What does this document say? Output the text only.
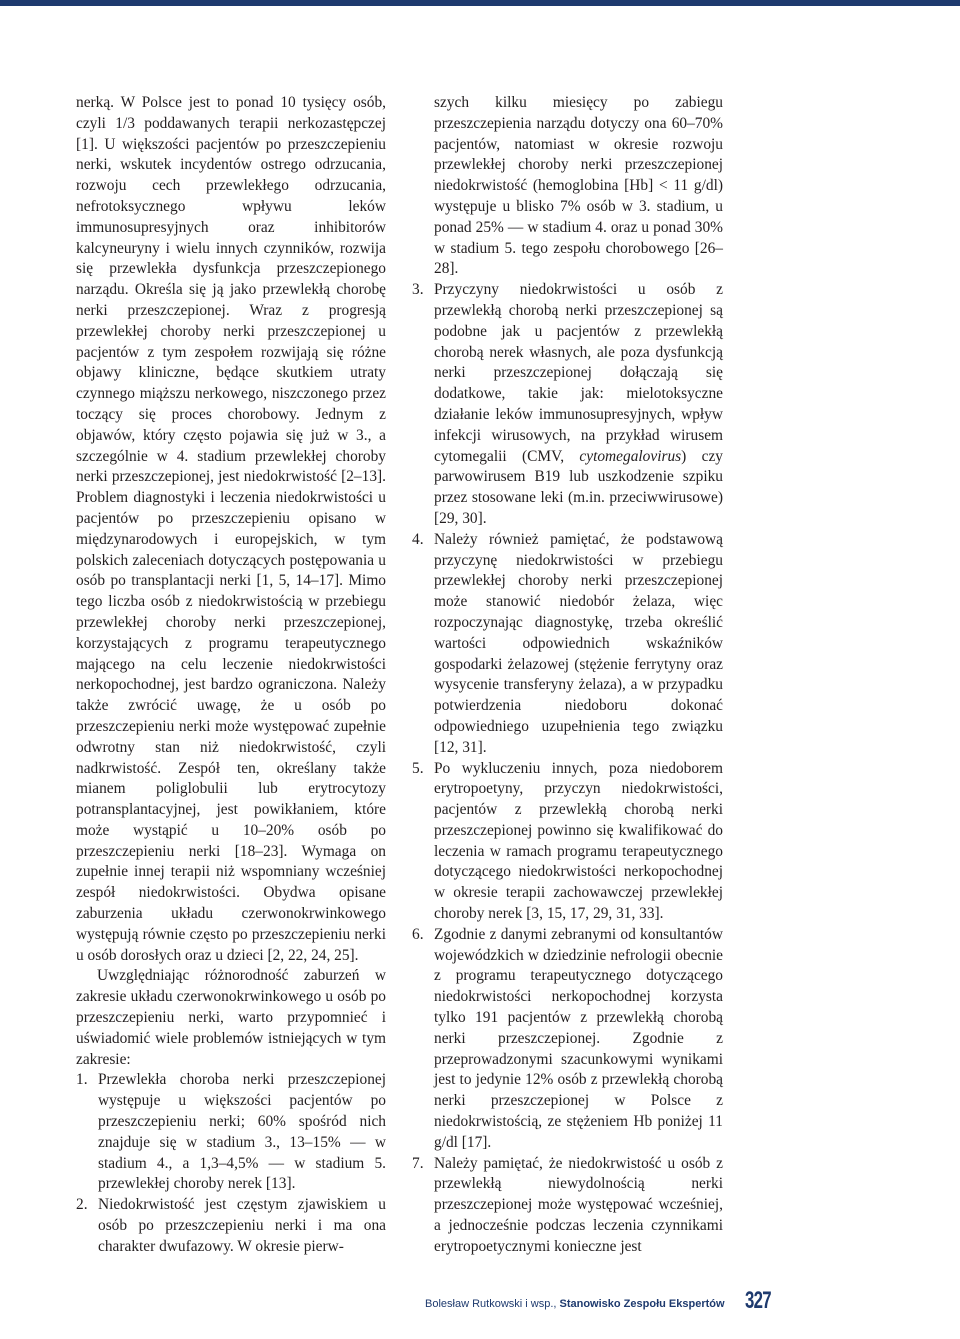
nerką. W Polsce jest to ponad 10 tysięcy osób, czyli 1/3 poddawanych terapii nerkozastępczej [1]. U większości pacjentów po przeszczepieniu nerki, wskutek incydentów ostrego odrzucania, rozwoju cech przewlekłego odrzucania, nefrotoksycznego wpływu leków immunosupresyjnych oraz inhibitorów kalcyneuryny i wielu innych czynników, rozwija się przewlekła dysfunkcja przeszczepionego narządu. Określa się ją jako przewlekłą chorobę nerki przeszczepionej. Wraz z progresją przewlekłej choroby nerki przeszczepionej u pacjentów z tym zespołem rozwijają się różne objawy kliniczne, będące skutkiem utraty czynnego miąższu nerkowego, niszczonego przez toczący się proces chorobowy. Jednym z objawów, który często pojawia się już w 3., a szczególnie w 4. stadium przewlekłej choroby nerki przeszczepionej, jest niedokrwistość [2–13]. Problem diagnostyki i leczenia niedokrwistości u pacjentów po przeszczepieniu opisano w międzynarodowych i europejskich, w tym polskich zaleceniach dotyczących postępowania u osób po transplantacji nerki [1, 5, 14–17]. Mimo tego liczba osób z niedokrwistością w przebiegu przewlekłej choroby nerki przeszczepionej, korzystających z programu terapeutycznego mającego na celu leczenie niedokrwistości nerkopochodnej, jest bardzo ograniczona. Należy także zwrócić uwagę, że u osób po przeszczepieniu nerki może występować zupełnie odwrotny stan niż niedokrwistość, czyli nadkrwistość. Zespół ten, określany także mianem poliglobulii lub erytrocytozy potransplantacyjnej, jest powikłaniem, które może wystąpić u 10–20% osób po przeszczepieniu nerki [18–23]. Wymaga on zupełnie innej terapii niż wspomniany wcześniej zespół niedokrwistości. Obydwa opisane zaburzenia układu czerwonokrwinkowego występują równie często po przeszczepieniu nerki u osób dorosłych oraz u dzieci [2, 22, 24, 25].

Uwzględniając różnorodność zaburzeń w zakresie układu czerwonokrwinkowego u osób po przeszczepieniu nerki, warto przypomnieć i uświadomić wiele problemów istniejących w tym zakresie:

1. Przewlekła choroba nerki przeszczepionej występuje u większości pacjentów po przeszczepieniu nerki; 60% spośród nich znajduje się w stadium 3., 13–15% — w stadium 4., a 1,3–4,5% — w stadium 5. przewlekłej choroby nerek [13].
2. Niedokrwistość jest częstym zjawiskiem u osób po przeszczepieniu nerki i ma ona charakter dwufazowy. W okresie pierw-

szych kilku miesięcy po zabiegu przeszczepienia narządu dotyczy ona 60–70% pacjentów, natomiast w okresie rozwoju przewlekłej choroby nerki przeszczepionej niedokrwistość (hemoglobina [Hb] < 11 g/dl) występuje u blisko 7% osób w 3. stadium, u ponad 25% — w stadium 4. oraz u ponad 30% w stadium 5. tego zespołu chorobowego [26–28].

3. Przyczyny niedokrwistości u osób z przewlekłą chorobą nerki przeszczepionej są podobne jak u pacjentów z przewlekłą chorobą nerek własnych, ale poza dysfunkcją nerki przeszczepionej dołączają się dodatkowe, takie jak: mielotoksyczne działanie leków immunosupresyjnych, wpływ infekcji wirusowych, na przykład wirusem cytomegalii (CMV, cytomegalovirus) czy parwowirusem B19 lub uszkodzenie szpiku przez stosowane leki (m.in. przeciwwirusowe) [29, 30].
4. Należy również pamiętać, że podstawową przyczynę niedokrwistości w przebiegu przewlekłej choroby nerki przeszczepionej może stanowić niedobór żelaza, więc rozpoczynając diagnostykę, trzeba określić wartości odpowiednich wskaźników gospodarki żelazowej (stężenie ferrytyny oraz wysycenie transferyny żelaza), a w przypadku potwierdzenia niedoboru dokonać odpowiedniego uzupełnienia tego związku [12, 31].
5. Po wykluczeniu innych, poza niedoborem erytropoetyny, przyczyn niedokrwistości, pacjentów z przewlekłą chorobą nerki przeszczepionej powinno się kwalifikować do leczenia w ramach programu terapeutycznego dotyczącego niedokrwistości nerkopochodnej w okresie terapii zachowawczej przewlekłej choroby nerek [3, 15, 17, 29, 31, 33].
6. Zgodnie z danymi zebranymi od konsultantów wojewódzkich w dziedzinie nefrologii obecnie z programu terapeutycznego dotyczącego niedokrwistości nerkopochodnej korzysta tylko 191 pacjentów z przewlekłą chorobą nerki przeszczepionej. Zgodnie z przeprowadzonymi szacunkowymi wynikami jest to jedynie 12% osób z przewlekłą chorobą nerki przeszczepionej w Polsce z niedokrwistością, ze stężeniem Hb poniżej 11 g/dl [17].
7. Należy pamiętać, że niedokrwistość u osób z przewlekłą niewydolnością nerki przeszczepionej może występować wcześniej, a jednocześnie podczas leczenia czynnikami erytropoetycznymi konieczne jest
Bolesław Rutkowski i wsp., Stanowisko Zespołu Ekspertów 327
